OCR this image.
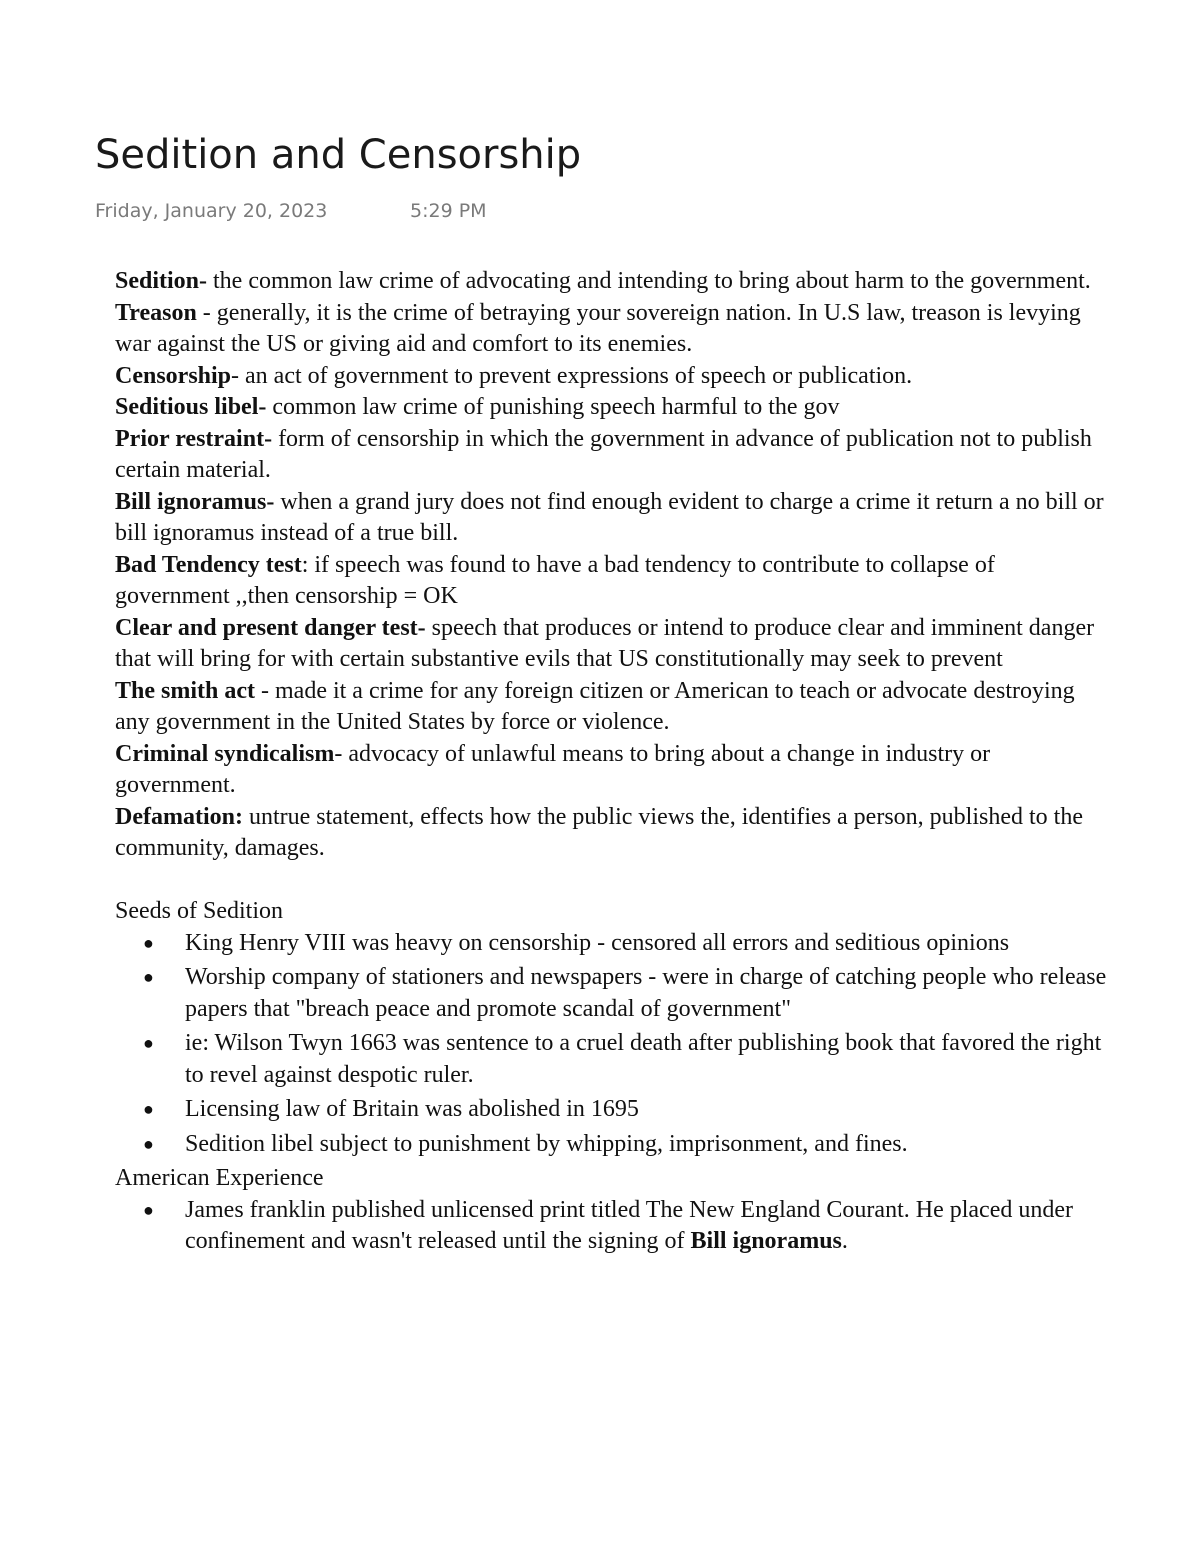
Sedition and Censorship
Friday, January 20, 2023	5:29 PM

Sedition- the common law crime of advocating and intending to bring about harm to the government.

Treason - generally, it is the crime of betraying your sovereign nation. In U.S law, treason is levying war against the US or giving aid and comfort to its enemies.

Censorship- an act of government to prevent expressions of speech or publication.

Seditious libel- common law crime of punishing speech harmful to the gov

Prior restraint- form of censorship in which the government in advance of publication not to publish certain material.

Bill ignoramus- when a grand jury does not find enough evident to charge a crime it return a no bill or bill ignoramus instead of a true bill.

Bad Tendency test: if speech was found to have a bad tendency to contribute to collapse of government ,,then censorship = OK

Clear and present danger test- speech that produces or intend to produce clear and imminent danger that will bring for with certain substantive evils that US constitutionally may seek to prevent

The smith act - made it a crime for any foreign citizen or American to teach or advocate destroying any government in the United States by force or violence.

Criminal syndicalism- advocacy of unlawful means to bring about a change in industry or government.

Defamation: untrue statement, effects how the public views the, identifies a person, published to the community, damages.

Seeds of Sedition

● King Henry VIII was heavy on censorship - censored all errors and seditious opinions
● Worship company of stationers and newspapers - were in charge of catching people who release papers that "breach peace and promote scandal of government"
● ie: Wilson Twyn 1663 was sentence to a cruel death after publishing book that favored the right to revel against despotic ruler.
● Licensing law of Britain was abolished in 1695
● Sedition libel subject to punishment by whipping, imprisonment, and fines.

American Experience

● James franklin published unlicensed print titled The New England Courant. He placed under confinement and wasn't released until the signing of Bill ignoramus.
